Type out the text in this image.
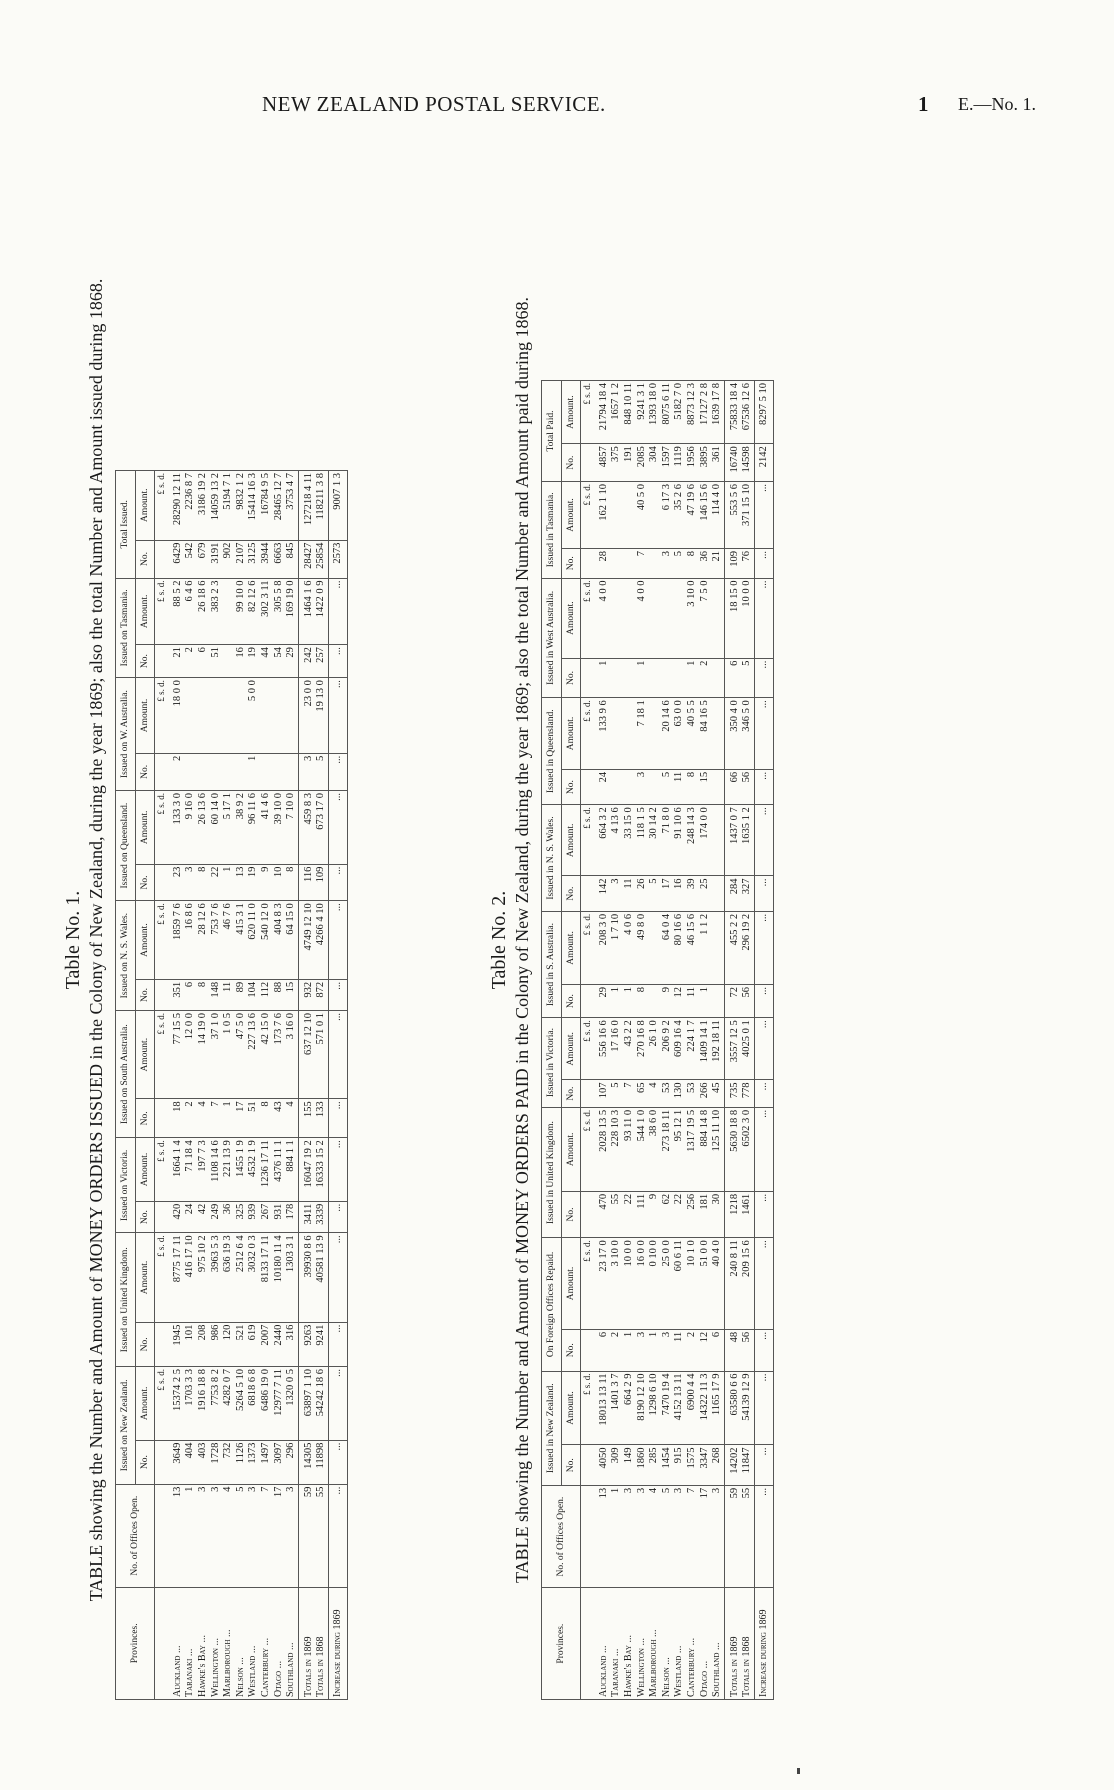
NEW ZEALAND POSTAL SERVICE.	1 E.—No. 1.
Table No. 1. TABLE showing the Number and Amount of MONEY ORDERS ISSUED in the Colony of New Zealand, during the year 1869; also the total Number and Amount issued during 1868.
Provinces.	No. of Offices Open.	Issued on New Zealand.		Issued on United Kingdom.		Issued on Victoria.		Issued on South Australia.		Issued on N. S. Wales.		Issued on Queensland.		Issued on W. Australia.		Issued on Tasmania.		Total Issued.	
		No.	Amount.	No.	Amount.	No.	Amount.	No.	Amount.	No.	Amount.	No.	Amount.	No.	Amount.	No.	Amount.	No.	Amount.
			£ s. d.		£ s. d.		£ s. d.		£ s. d.		£ s. d.		£ s. d.		£ s. d.		£ s. d.		£ s. d.
Auckland ...	13	3649	15374 2 5	1945	8775 17 11	420	1664 1 4	18	77 15 5	351	1859 7 6	23	133 3 0	2	18 0 0	21	88 5 2	6429	28290 12 11
Taranaki ...	1	404	1703 3 3	101	416 17 10	24	71 18 4	2	12 0 0	6	16 8 6	3	9 16 0			2	6 4 6	542	2236 8 7
Hawke's Bay ...	3	403	1916 18 8	208	975 10 2	42	197 7 3	4	14 19 0	8	28 12 6	8	26 13 6			6	26 18 6	679	3186 19 2
Wellington ...	3	1728	7753 8 2	986	3963 5 3	249	1108 14 6	7	37 1 0	148	753 7 6	22	60 14 0			51	383 2 3	3191	14059 13 2
Marlborough ...	4	732	4282 0 7	120	636 19 3	36	221 13 9	1	1 0 5	11	46 7 6	1	5 17 1					902	5194 7 1
Nelson ...	5	1126	5264 5 10	521	2512 6 4	325	1455 1 9	17	47 5 0	89	415 3 1	13	38 9 2			16	99 10 0	2107	9832 1 2
Westland ...	3	1373	6818 6 8	619	3032 0 3	939	4532 1 9	51	227 13 6	104	620 11 0	19	96 11 6	1	5 0 0	19	82 12 6	3125	15414 16 3
Canterbury ...	7	1497	6486 19 0	2007	8133 17 11	267	1236 17 11	8	42 15 0	112	540 12 0	9	41 4 6			44	302 3 11	3944	16784 9 5
Otago ...	17	3097	12977 7 11	2440	10180 11 4	931	4376 11 1	43	173 7 6	88	404 8 3	10	39 10 0			54	305 5 8	6663	28465 12 7
Southland ...	3	296	1320 0 5	316	1303 3 1	178	884 1 1	4	3 16 0	15	64 15 0	8	7 10 0			29	169 19 0	845	3753 4 7
Totals in 1869	59	14305	63897 1 10	9263	39930 8 6	3411	16047 19 2	155	637 12 10	932	4749 12 10	116	459 8 3	3	23 0 0	242	1464 1 6	28427	127218 4 11
Totals in 1868	55	11898	54242 18 6	9241	40581 13 9	3339	16333 15 2	133	571 0 1	872	4266 4 10	109	673 17 0	5	19 13 0	257	1422 0 9	25854	118211 3 8
Increase during 1869	...	...	...	...	...	...	...	...	...	...	...	...	...	...	...	...	...	2573	9007 1 3
Table No. 2. TABLE showing the Number and Amount of MONEY ORDERS PAID in the Colony of New Zealand, during the year 1869; also the total Number and Amount paid during 1868.
Provinces.	No. of Offices Open.	Issued in New Zealand.		On Foreign Offices Repaid.		Issued in United Kingdom.		Issued in Victoria.		Issued in S. Australia.		Issued in N. S. Wales.		Issued in Queensland.		Issued in West Australia.		Issued in Tasmania.		Total Paid.	
		No.	Amount.	No.	Amount.	No.	Amount.	No.	Amount.	No.	Amount.	No.	Amount.	No.	Amount.	No.	Amount.	No.	Amount.	No.	Amount.
			£ s. d.		£ s. d.		£ s. d.		£ s. d.		£ s. d.		£ s. d.		£ s. d.		£ s. d.		£ s. d.		£ s. d.
Auckland ...	13	4050	18013 13 11	6	23 17 0	470	2028 13 5	107	556 16 6	29	208 3 0	142	664 3 2	24	133 9 6	1	4 0 0	28	162 1 10	4857	21794 18 4
Taranaki ...	1	309	1401 3 7	2	3 10 0	55	228 10 3	5	17 16 0	1	1 7 10	3	4 13 6							375	1657 1 2
Hawke's Bay ...	3	149	664 2 9	1	10 0 0	22	93 11 0	7	43 2 2	1	4 0 6	11	33 15 0							191	848 10 11
Wellington ...	3	1860	8190 12 10	3	16 0 0	111	544 1 0	65	270 16 8	8	49 8 0	26	118 1 5	3	7 18 1	1	4 0 0	7	40 5 0	2085	9241 3 1
Marlborough ...	4	285	1298 6 10	1	0 10 0	9	38 6 0	4	26 1 0			5	30 14 2							304	1393 18 0
Nelson ...	5	1454	7470 19 4	3	25 0 0	62	273 18 11	53	206 9 2	9	64 0 4	17	71 8 0	5	20 14 6			3	6 17 3	1597	8075 6 11
Westland ...	3	915	4152 13 11	11	60 6 11	22	95 12 1	130	609 16 4	12	80 16 6	16	91 10 6	11	63 0 0			5	35 2 6	1119	5182 7 0
Canterbury ...	7	1575	6900 4 4	2	10 1 0	256	1317 19 5	53	224 1 7	11	46 15 6	39	248 14 3	8	40 5 5	1	3 10 0	8	47 19 6	1956	8873 12 3
Otago ...	17	3347	14322 11 3	12	51 0 0	181	884 14 8	266	1409 14 1	1	1 1 2	25	174 0 0	15	84 16 5	2	7 5 0	36	146 15 6	3895	17127 2 8
Southland ...	3	268	1165 17 9	6	40 4 0	30	125 11 10	45	192 18 11									21	114 4 0	361	1639 17 8
Totals in 1869	59	14202	63580 6 6	48	240 8 11	1218	5630 18 8	735	3557 12 5	72	455 2 2	284	1437 0 7	66	350 4 0	6	18 15 0	109	553 5 6	16740	75833 18 4
Totals in 1868	55	11847	54139 12 9	56	209 15 6	1461	6502 3 0	778	4025 0 1	56	296 19 2	327	1635 1 2	56	346 5 0	5	10 0 0	76	371 15 10	14598	67536 12 6
Increase during 1869	...	...	...	...	...	...	...	...	...	...	...	...	...	...	...	...	...	...	...	2142	8297 5 10
